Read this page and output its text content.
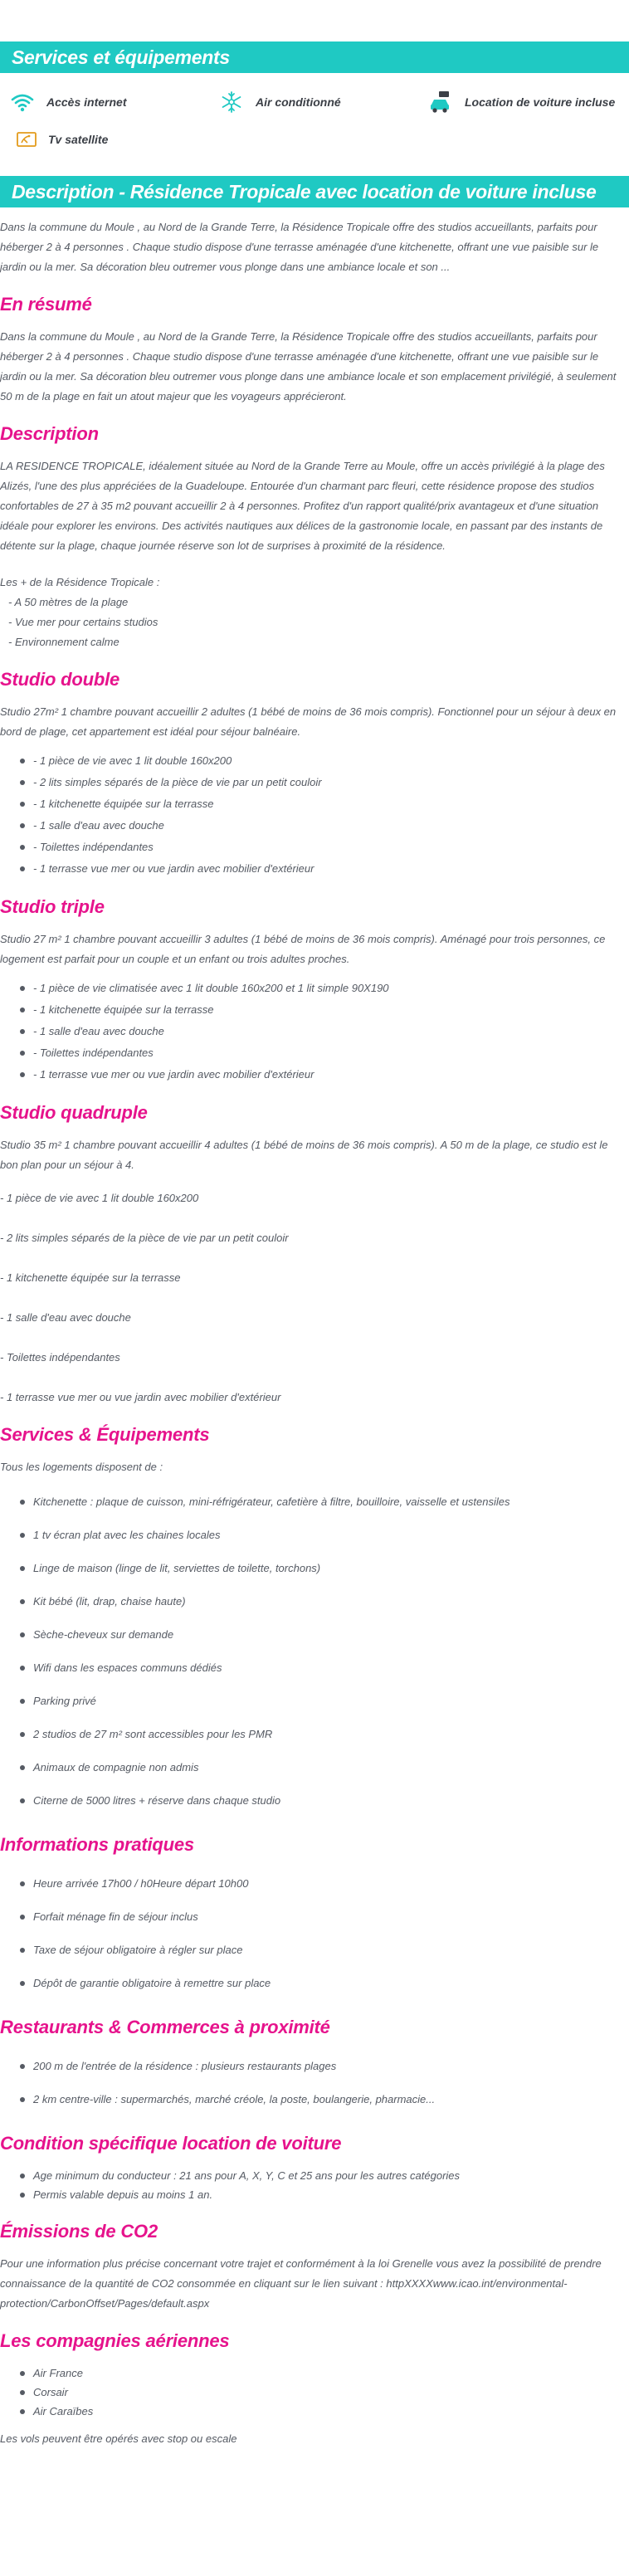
Services et équipements
Accès internet	Air conditionné	Location de voiture incluse
Tv satellite
Description - Résidence Tropicale avec location de voiture incluse

Dans la commune du Moule , au Nord de la Grande Terre, la Résidence Tropicale offre des studios accueillants, parfaits pour héberger 2 à 4 personnes . Chaque studio dispose d'une terrasse aménagée d'une kitchenette, offrant une vue paisible sur le jardin ou la mer. Sa décoration bleu outremer vous plonge dans une ambiance locale et son ...

En résumé

Dans la commune du Moule , au Nord de la Grande Terre, la Résidence Tropicale offre des studios accueillants, parfaits pour héberger 2 à 4 personnes . Chaque studio dispose d'une terrasse aménagée d'une kitchenette, offrant une vue paisible sur le jardin ou la mer. Sa décoration bleu outremer vous plonge dans une ambiance locale et son emplacement privilégié, à seulement 50 m de la plage en fait un atout majeur que les voyageurs apprécieront.

Description

LA RESIDENCE TROPICALE, idéalement située au Nord de la Grande Terre au Moule, offre un accès privilégié à la plage des Alizés, l'une des plus appréciées de la Guadeloupe. Entourée d'un charmant parc fleuri, cette résidence propose des studios confortables de 27 à 35 m2 pouvant accueillir 2 à 4 personnes. Profitez d'un rapport qualité/prix avantageux et d'une situation idéale pour explorer les environs. Des activités nautiques aux délices de la gastronomie locale, en passant par des instants de détente sur la plage, chaque journée réserve son lot de surprises à proximité de la résidence.

Les + de la Résidence Tropicale :
- A 50 mètres de la plage
- Vue mer pour certains studios
- Environnement calme
Studio double

Studio 27m² 1 chambre pouvant accueillir 2 adultes (1 bébé de moins de 36 mois compris). Fonctionnel pour un séjour à deux en bord de plage, cet appartement est idéal pour séjour balnéaire.

- 1 pièce de vie avec 1 lit double 160x200
- 2 lits simples séparés de la pièce de vie par un petit couloir
- 1 kitchenette équipée sur la terrasse
- 1 salle d'eau avec douche
- Toilettes indépendantes
- 1 terrasse vue mer ou vue jardin avec mobilier d'extérieur
Studio triple

Studio 27 m² 1 chambre pouvant accueillir 3 adultes (1 bébé de moins de 36 mois compris). Aménagé pour trois personnes, ce logement est parfait pour un couple et un enfant ou trois adultes proches.

- 1 pièce de vie climatisée avec 1 lit double 160x200 et 1 lit simple 90X190
- 1 kitchenette équipée sur la terrasse
- 1 salle d'eau avec douche
- Toilettes indépendantes
- 1 terrasse vue mer ou vue jardin avec mobilier d'extérieur
Studio quadruple

Studio 35 m² 1 chambre pouvant accueillir 4 adultes (1 bébé de moins de 36 mois compris). A 50 m de la plage, ce studio est le bon plan pour un séjour à 4.

- 1 pièce de vie avec 1 lit double 160x200
- 2 lits simples séparés de la pièce de vie par un petit couloir
- 1 kitchenette équipée sur la terrasse
- 1 salle d'eau avec douche
- Toilettes indépendantes
- 1 terrasse vue mer ou vue jardin avec mobilier d'extérieur
Services & Équipements

Tous les logements disposent de :

Kitchenette : plaque de cuisson, mini-réfrigérateur, cafetière à filtre, bouilloire, vaisselle et ustensiles
1 tv écran plat avec les chaines locales
Linge de maison (linge de lit, serviettes de toilette, torchons)
Kit bébé (lit, drap, chaise haute)
Sèche-cheveux sur demande
Wifi dans les espaces communs dédiés
Parking privé
2 studios de 27 m² sont accessibles pour les PMR
Animaux de compagnie non admis
Citerne de 5000 litres + réserve dans chaque studio
Informations pratiques
Heure arrivée 17h00 / h0Heure départ 10h00
Forfait ménage fin de séjour inclus
Taxe de séjour obligatoire à régler sur place
Dépôt de garantie obligatoire à remettre sur place
Restaurants & Commerces à proximité
200 m de l'entrée de la résidence : plusieurs restaurants plages
2 km centre-ville : supermarchés, marché créole, la poste, boulangerie, pharmacie...
Condition spécifique location de voiture
Age minimum du conducteur : 21 ans pour A, X, Y, C et 25 ans pour les autres catégories
Permis valable depuis au moins 1 an.
Émissions de CO2

Pour une information plus précise concernant votre trajet et conformément à la loi Grenelle vous avez la possibilité de prendre connaissance de la quantité de CO2 consommée en cliquant sur le lien suivant : httpXXXXwww.icao.int/environmental-protection/CarbonOffset/Pages/default.aspx

Les compagnies aériennes
Air France
Corsair
Air Caraïbes

Les vols peuvent être opérés avec stop ou escale
